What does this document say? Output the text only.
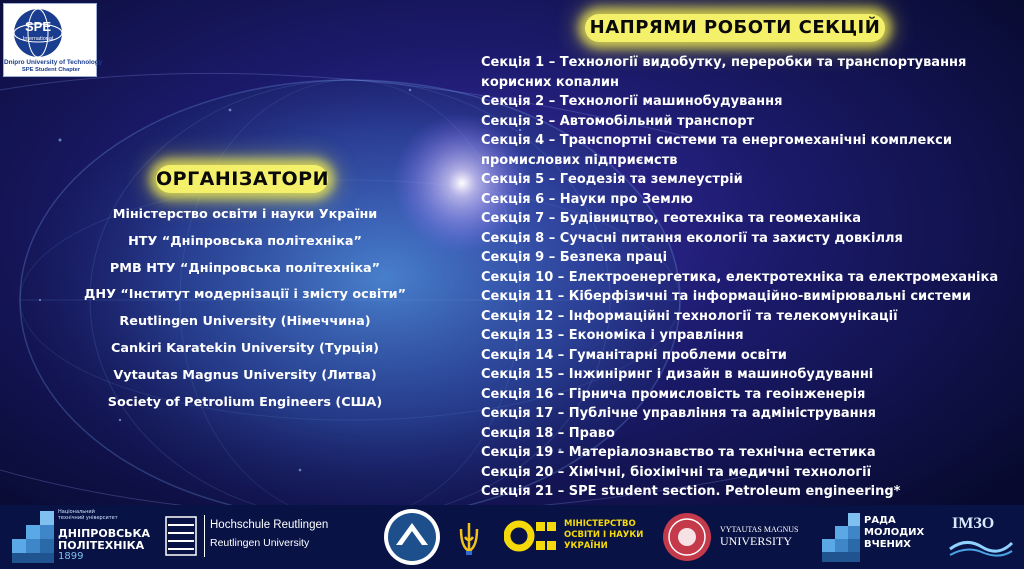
SPE
International
Dnipro University of Technology
SPE Student Chapter
ОРГАНІЗАТОРИ
Міністерство освіти і науки України
НТУ “Дніпровська політехніка”
РМВ НТУ “Дніпровська політехніка”
ДНУ “Інститут модернізації і змісту освіти”
Reutlingen University (Німеччина)
Cankiri Karatekin University (Турція)
Vytautas Magnus University (Литва)
Society of Petrolium Engineers (США)
НАПРЯМИ РОБОТИ СЕКЦІЙ
Секція 1 – Технології видобутку, переробки та транспортування корисних копалин
Секція 2 – Технології машинобудування
Секція 3 – Автомобільний транспорт
Секція 4 – Транспортні системи та енергомеханічні комплекси промислових підприємств
Секція 5 – Геодезія та землеустрій
Секція 6 – Науки про Землю
Секція 7 – Будівництво, геотехніка та геомеханіка
Секція 8 – Сучасні питання екології та захисту довкілля
Секція 9 – Безпека праці
Секція 10 – Електроенергетика, електротехніка та електромеханіка
Секція 11 – Кіберфізичні та інформаційно-вимірювальні системи
Секція 12 – Інформаційні технології та телекомунікації
Секція 13 – Економіка і управління
Секція 14 – Гуманітарні проблеми освіти
Секція 15 – Інжиніринг і дизайн в машинобудуванні
Секція 16 – Гірнича промисловість та геоінженерія
Секція 17 – Публічне управління та адміністрування
Секція 18 – Право
Секція 19 – Матеріалознавство та технічна естетика
Секція 20 – Хімічні, біохімічні та медичні технології
Секція 21 – SPE student section. Petroleum engineering*
Національний технічний університет
ДНІПРОВСЬКА
ПОЛІТЕХНІКА
1899
Hochschule Reutlingen
Reutlingen University
МІНІСТЕРСТВО
ОСВІТИ І НАУКИ
УКРАЇНИ
VYTAUTAS MAGNUS
UNIVERSITY
РАДА
МОЛОДИХ
ВЧЕНИХ
ІМЗО
